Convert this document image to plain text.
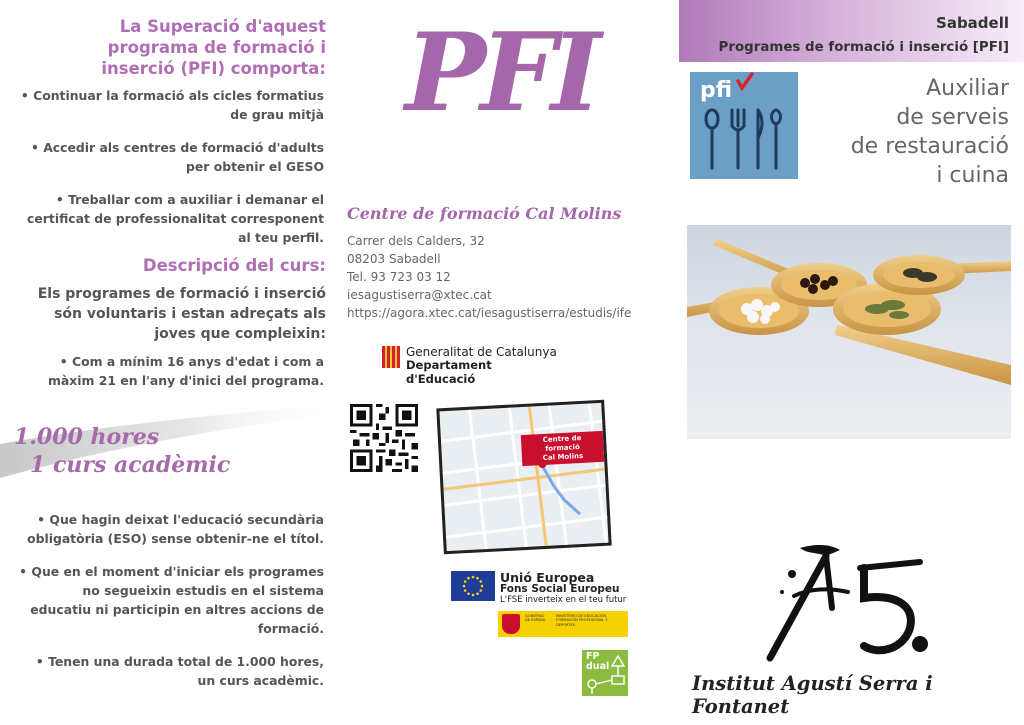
La Superació d'aquest programa de formació i inserció (PFI) comporta:
• Continuar la formació als cicles formatius de grau mitjà
• Accedir als centres de formació d'adults per obtenir el GESO
• Treballar com a auxiliar i demanar el certificat de professionalitat corresponent al teu perfil.
Descripció del curs:

Els programes de formació i inserció són voluntaris i estan adreçats als joves que compleixin:

• Com a mínim 16 anys d'edat i com a màxim 21 en l'any d'inici del programa.
1.000 hores
1 curs acadèmic
• Que hagin deixat l'educació secundària obligatòria (ESO) sense obtenir-ne el títol.
• Que en el moment d'iniciar els programes no segueixin estudis en el sistema educatiu ni participin en altres accions de formació.
• Tenen una durada total de 1.000 hores, un curs acadèmic.
PFI
Centre de formació Cal Molins
Carrer dels Calders, 32
08203 Sabadell
Tel. 93 723 03 12
iesagustiserra@xtec.cat
https://agora.xtec.cat/iesagustiserra/estudis/ife
Generalitat de Catalunya
Departament d'Educació
Centre de formació
Cal Molins
Unió Europea
Fons Social Europeu
L'FSE inverteix en el teu futur
GOBIERNO DE ESPAÑA
MINISTERIO DE EDUCACIÓN, FORMACIÓN PROFESIONAL Y DEPORTES
FP dual
Sabadell
Programes de formació i inserció [PFI]
pfi	Auxiliar
de serveis
de restauració
i cuina
Institut Agustí Serra i Fontanet
